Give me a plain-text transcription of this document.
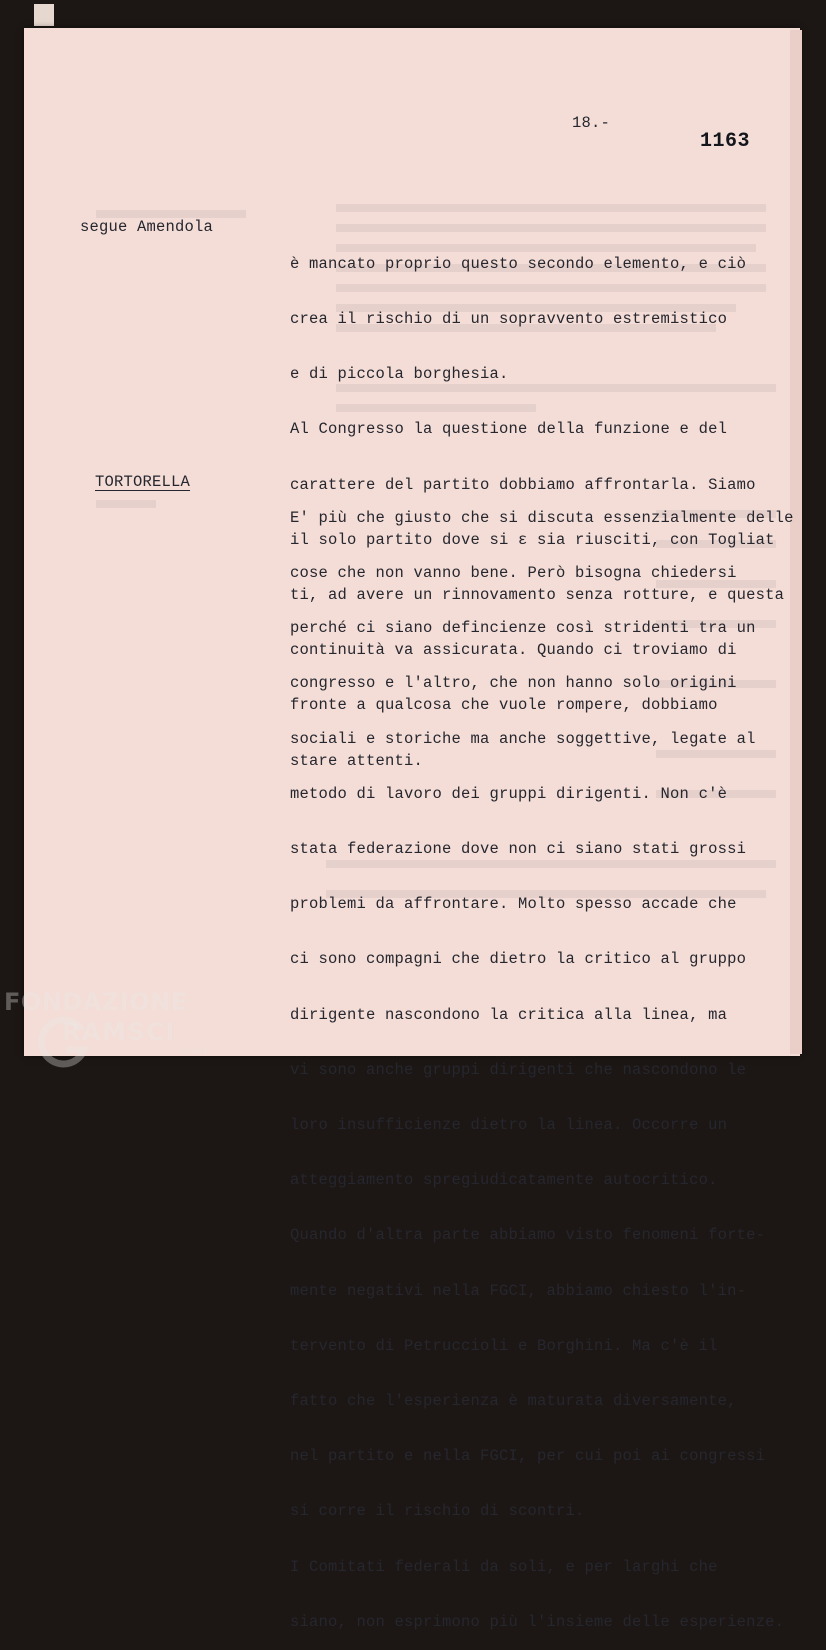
18.-
1163
segue Amendola

è mancato proprio questo secondo elemento, e ciò

crea il rischio di un sopravvento estremistico

e di piccola borghesia.

Al Congresso la questione della funzione e del

carattere del partito dobbiamo affrontarla. Siamo

il solo partito dove si ε sia riusciti, con Togliat

ti, ad avere un rinnovamento senza rotture, e questa

continuità va assicurata. Quando ci troviamo di

fronte a qualcosa che vuole rompere, dobbiamo

stare attenti.

TORTORELLA

E' più che giusto che si discuta essenzialmente delle

cose che non vanno bene. Però bisogna chiedersi

perché ci siano defincienze così stridenti tra un

congresso e l'altro, che non hanno solo origini

sociali e storiche ma anche soggettive, legate al

metodo di lavoro dei gruppi dirigenti. Non c'è

stata federazione dove non ci siano stati grossi

problemi da affrontare. Molto spesso accade che

ci sono compagni che dietro la critico al gruppo

dirigente nascondono la critica alla linea, ma

vi sono anche gruppi dirigenti che nascondono le

loro insufficienze dietro la linea. Occorre un

atteggiamento spregiudicatamente autocritico.

Quando d'altra parte abbiamo visto fenomeni forte-

mente negativi nella FGCI, abbiamo chiesto l'in-

tervento di Petruccioli e Borghini. Ma c'è il

fatto che l'esperienza è maturata diversamente,

nel partito e nella FGCI, per cui poi ai congressi

si corre il rischio di scontri.

I Comitati federali da soli, e per larghi che

siano, non esprimono più l'insieme delle esperienze.

FONDAZIONE
RAMSCI
onlus
